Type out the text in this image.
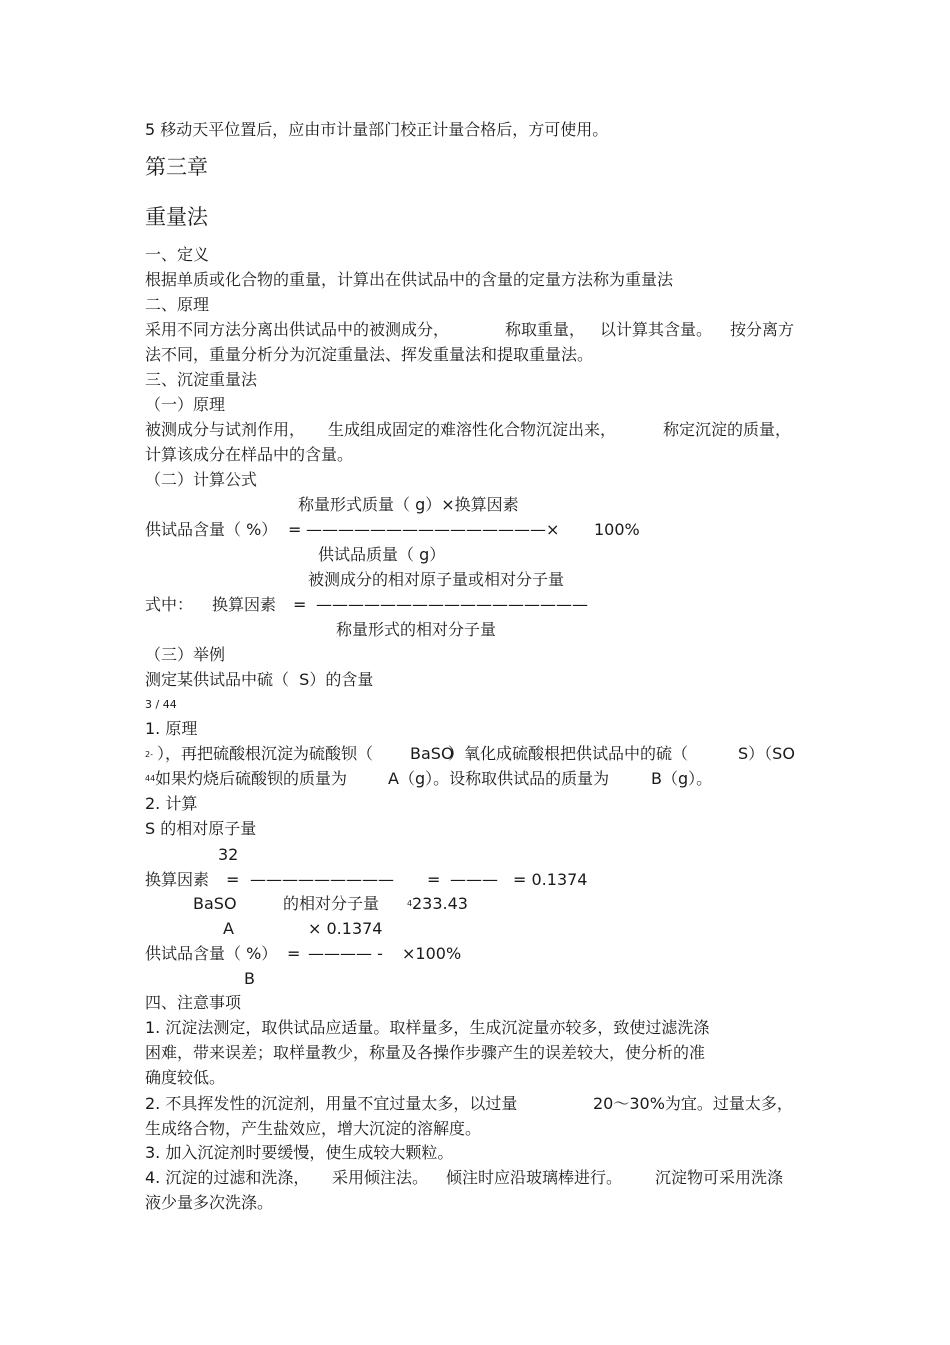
5 移动天平位置后，应由市计量部门校正计量合格后，方可使用。
第三章
重量法
一、定义
根据单质或化合物的重量，计算出在供试品中的含量的定量方法称为重量法
二、原理
采用不同方法分离出供试品中的被测成分，	称取重量， 以计算其含量。 按分离方
法不同，重量分析分为沉淀重量法、挥发重量法和提取重量法。
三、沉淀重量法
（一）原理
被测成分与试剂作用， 生成组成固定的难溶性化合物沉淀出来，	称定沉淀的质量，
计算该成分在样品中的含量。
（二）计算公式
称量形式质量（ g）×换算因素
供试品含量（ %） = ———————————————× 100%
供试品质量（ g）
被测成分的相对原子量或相对分子量
式中： 换算因素 = —————————————————
称量形式的相对分子量
（三）举例
测定某供试品中硫（  S）的含量
3 / 44
1. 原理
2- ），再把硫酸根沉淀为硫酸钡（ BaSO
）氧化成硫酸根把供试品中的硫（	S）（SO
44 如果灼烧后硫酸钡的质量为	A（g）。设称取供试品的质量为	B（g）。
2. 计算
S 的相对原子量
32
换算因素 = ————————— = ——— = 0.1374
BaSO	的相对分子量	4 233.43
A	× 0.1374
供试品含量（ %） = ———— - ×100%
B
四、注意事项
1. 沉淀法测定，取供试品应适量。取样量多，生成沉淀量亦较多，致使过滤洗涤
困难，带来误差；取样量教少，称量及各操作步骤产生的误差较大，使分析的准
确度较低。
2. 不具挥发性的沉淀剂，用量不宜过量太多，以过量	20～30%为宜。过量太多，
生成络合物，产生盐效应，增大沉淀的溶解度。
3. 加入沉淀剂时要缓慢，使生成较大颗粒。
4. 沉淀的过滤和洗涤， 采用倾注法。 倾注时应沿玻璃棒进行。 沉淀物可采用洗涤
液少量多次洗涤。
